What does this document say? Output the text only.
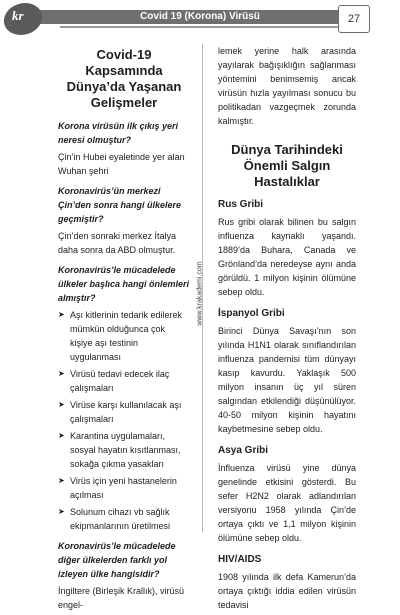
kr	Covid 19 (Korona) Virüsü	27
www.krakademi.com
Covid-19 Kapsamında Dünya’da Yaşanan Gelişmeler
Korona virüsün ilk çıkış yeri neresi olmuştur?
Çin’in Hubei eyaletinde yer alan Wuhan şehri
Koronavirüs’ün merkezi Çin’den sonra hangi ülkelere geçmiştir?
Çin’den sonraki merkez İtalya daha sonra da ABD olmuştur.
Koronavirüs’le mücadelede ülkeler başlıca hangi önlemleri almıştır?
➤ Aşı kitlerinin tedarik edilerek mümkün olduğunca çok kişiye aşı testinin uygulanması
➤ Virüsü tedavi edecek ilaç çalışmaları
➤ Virüse karşı kullanılacak aşı çalışmaları
➤ Karantina uygulamaları, sosyal hayatın kısıtlanması, sokağa çıkma yasakları
➤ Virüs için yeni hastanelerin açılması
➤ Solunum cihazı vb sağlık ekipmanlarının üretilmesi
Koronavirüs’le mücadelede diğer ülkelerden farklı yol izleyen ülke hangisidir?
İngiltere (Birleşik Krallık), virüsü engel-
lemek yerine halk arasında yayılarak bağışıklığın sağlanması yöntemini benimsemiş ancak virüsün hızla yayılması sonucu bu politikadan vazgeçmek zorunda kalmıştır.
Dünya Tarihindeki Önemli Salgın Hastalıklar
Rus Gribi
Rus gribi olarak bilinen bu salgın influenza kaynaklı yaşandı. 1889’da Buhara, Canada ve Grönland’da neredeyse aynı anda görüldü. 1 milyon kişinin ölümüne sebep oldu.
İspanyol Gribi
Birinci Dünya Savaşı’nın son yılında H1N1 olarak sınıflandırılan influenza pandemisi tüm dünyayı kasıp kavurdu. Yaklaşık 500 milyon insanın üç yıl süren salgından etkilendiği düşünülüyor. 40-50 milyon kişinin hayatını kaybetmesine sebep oldu.
Asya Gribi
İnfluenza virüsü yine dünya genelinde etkisini gösterdi. Bu sefer H2N2 olarak adlandırılan versiyonu 1958 yılında Çin’de ortaya çıktı ve 1,1 milyon kişinin ölümüne sebep oldu.
HIV/AIDS
1908 yılında ilk defa Kamerun’da ortaya çıktığı iddia edilen virüsün tedavisi
